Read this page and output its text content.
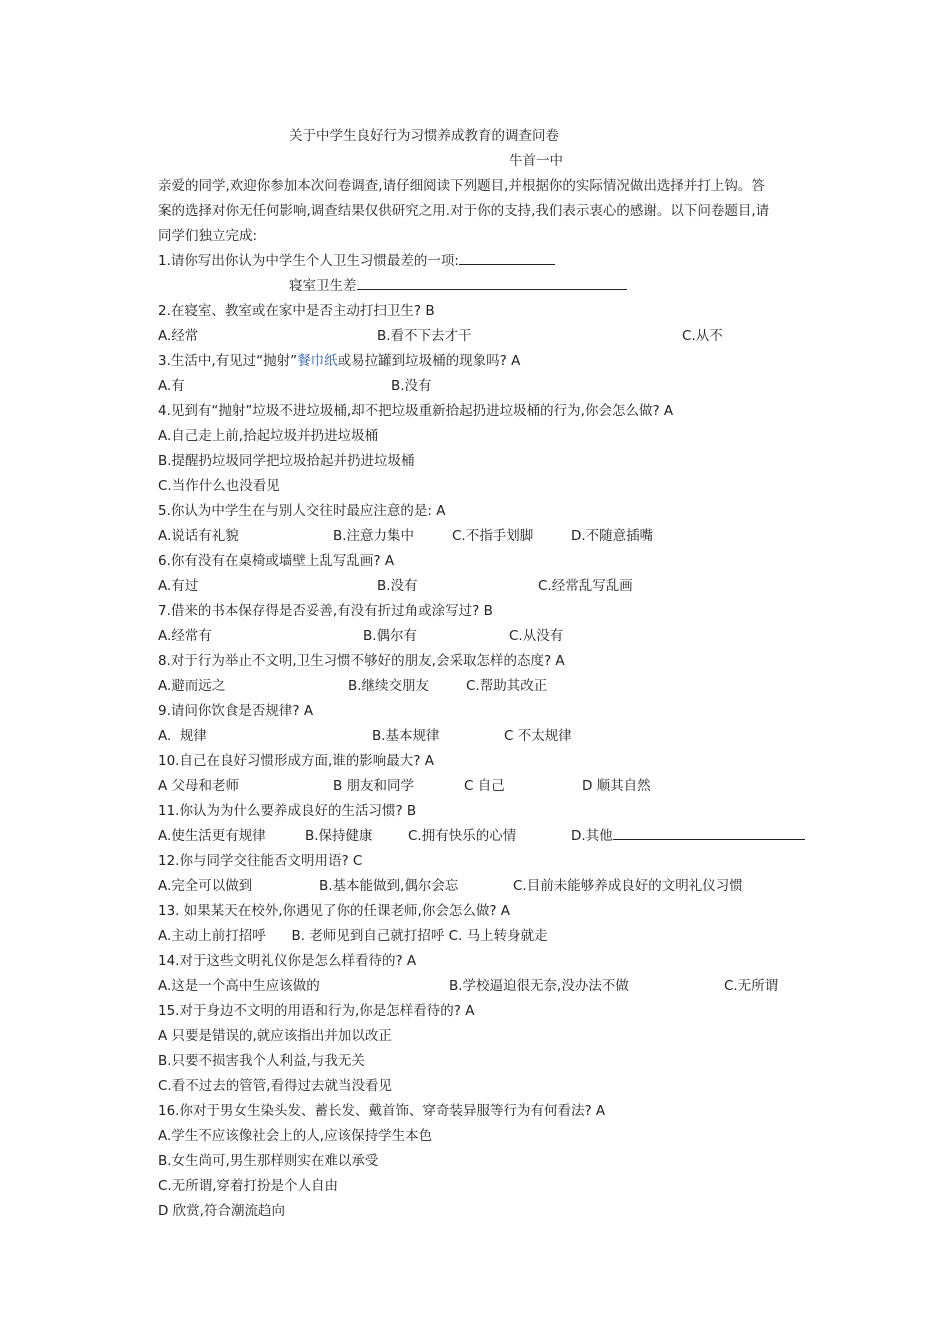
关于中学生良好行为习惯养成教育的调查问卷
牛首一中
亲爱的同学,欢迎你参加本次问卷调查,请仔细阅读下列题目,并根据你的实际情况做出选择并打上钩。答
案的选择对你无任何影响,调查结果仅供研究之用.对于你的支持,我们表示衷心的感谢。以下问卷题目,请
同学们独立完成:
1.请你写出你认为中学生个人卫生习惯最差的一项:
寝室卫生差
2.在寝室、教室或在家中是否主动打扫卫生? B
A.经常	B.看不下去才干	C.从不
3.生活中,有见过“抛射”餐巾纸或易拉罐到垃圾桶的现象吗? A
A.有	B.没有
4.见到有“抛射”垃圾不进垃圾桶,却不把垃圾重新拾起扔进垃圾桶的行为,你会怎么做? A
A.自己走上前,拾起垃圾并扔进垃圾桶
B.提醒扔垃圾同学把垃圾拾起并扔进垃圾桶
C.当作什么也没看见
5.你认为中学生在与别人交往时最应注意的是: A
A.说话有礼貌	B.注意力集中	C.不指手划脚	D.不随意插嘴
6.你有没有在桌椅或墙壁上乱写乱画? A
A.有过	B.没有	C.经常乱写乱画
7.借来的书本保存得是否妥善,有没有折过角或涂写过? B
A.经常有	B.偶尔有	C.从没有
8.对于行为举止不文明,卫生习惯不够好的朋友,会采取怎样的态度? A
A.避而远之	B.继续交朋友	C.帮助其改正
9.请问你饮食是否规律? A
A.  规律	B.基本规律	C 不太规律
10.自己在良好习惯形成方面,谁的影响最大? A
A 父母和老师	B 朋友和同学	C 自己	D 顺其自然
11.你认为为什么要养成良好的生活习惯? B
A.使生活更有规律	B.保持健康	C.拥有快乐的心情	D.其他
12.你与同学交往能否文明用语? C
A.完全可以做到	B.基本能做到,偶尔会忘	C.目前未能够养成良好的文明礼仪习惯
13. 如果某天在校外,你遇见了你的任课老师,你会怎么做? A
A.主动上前打招呼      B. 老师见到自己就打招呼 C. 马上转身就走
14.对于这些文明礼仪你是怎么样看待的? A
A.这是一个高中生应该做的	B.学校逼迫很无奈,没办法不做	C.无所谓
15.对于身边不文明的用语和行为,你是怎样看待的? A
A 只要是错误的,就应该指出并加以改正
B.只要不损害我个人利益,与我无关
C.看不过去的管管,看得过去就当没看见
16.你对于男女生染头发、蓄长发、戴首饰、穿奇装异服等行为有何看法? A
A.学生不应该像社会上的人,应该保持学生本色
B.女生尚可,男生那样则实在难以承受
C.无所谓,穿着打扮是个人自由
D 欣赏,符合潮流趋向
